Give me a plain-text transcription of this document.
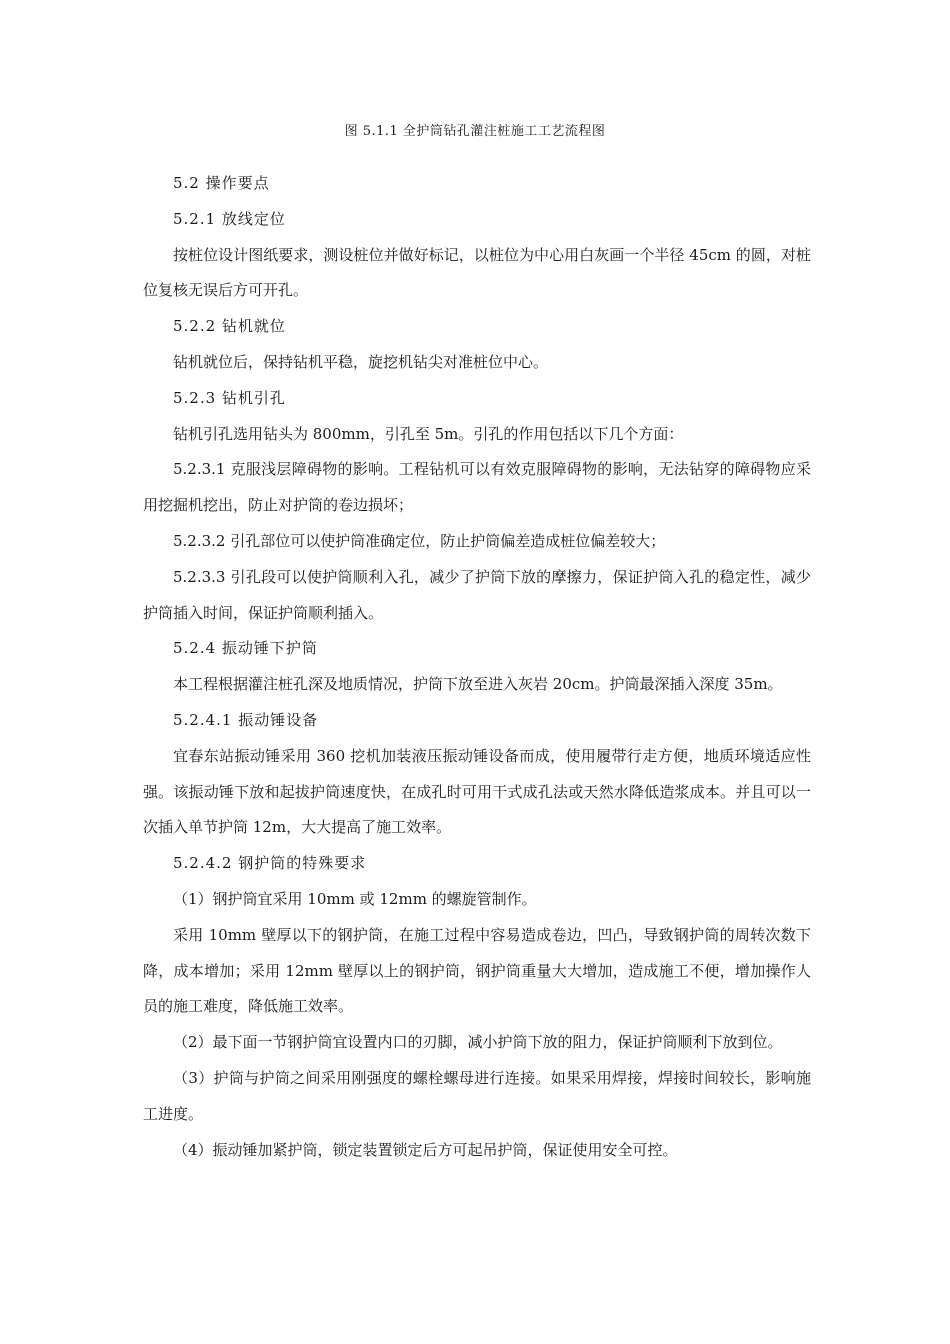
图 5.1.1 全护筒钻孔灌注桩施工工艺流程图

5.2 操作要点

5.2.1 放线定位

按桩位设计图纸要求，测设桩位并做好标记，以桩位为中心用白灰画一个半径 45cm 的圆，对桩位复核无误后方可开孔。

5.2.2 钻机就位

钻机就位后，保持钻机平稳，旋挖机钻尖对准桩位中心。

5.2.3 钻机引孔

钻机引孔选用钻头为 800mm，引孔至 5m。引孔的作用包括以下几个方面：

5.2.3.1 克服浅层障碍物的影响。工程钻机可以有效克服障碍物的影响，无法钻穿的障碍物应采用挖掘机挖出，防止对护筒的卷边损坏；

5.2.3.2 引孔部位可以使护筒准确定位，防止护筒偏差造成桩位偏差较大；

5.2.3.3 引孔段可以使护筒顺利入孔，减少了护筒下放的摩擦力，保证护筒入孔的稳定性，减少护筒插入时间，保证护筒顺利插入。

5.2.4 振动锤下护筒

本工程根据灌注桩孔深及地质情况，护筒下放至进入灰岩 20cm。护筒最深插入深度 35m。

5.2.4.1 振动锤设备

宜春东站振动锤采用 360 挖机加装液压振动锤设备而成，使用履带行走方便，地质环境适应性强。该振动锤下放和起拔护筒速度快，在成孔时可用干式成孔法或天然水降低造浆成本。并且可以一次插入单节护筒 12m，大大提高了施工效率。

5.2.4.2 钢护筒的特殊要求

（1）钢护筒宜采用 10mm 或 12mm 的螺旋管制作。

采用 10mm 壁厚以下的钢护筒，在施工过程中容易造成卷边，凹凸，导致钢护筒的周转次数下降，成本增加；采用 12mm 壁厚以上的钢护筒，钢护筒重量大大增加，造成施工不便，增加操作人员的施工难度，降低施工效率。

（2）最下面一节钢护筒宜设置内口的刃脚，减小护筒下放的阻力，保证护筒顺利下放到位。

（3）护筒与护筒之间采用刚强度的螺栓螺母进行连接。如果采用焊接，焊接时间较长，影响施工进度。

（4）振动锤加紧护筒，锁定装置锁定后方可起吊护筒，保证使用安全可控。
